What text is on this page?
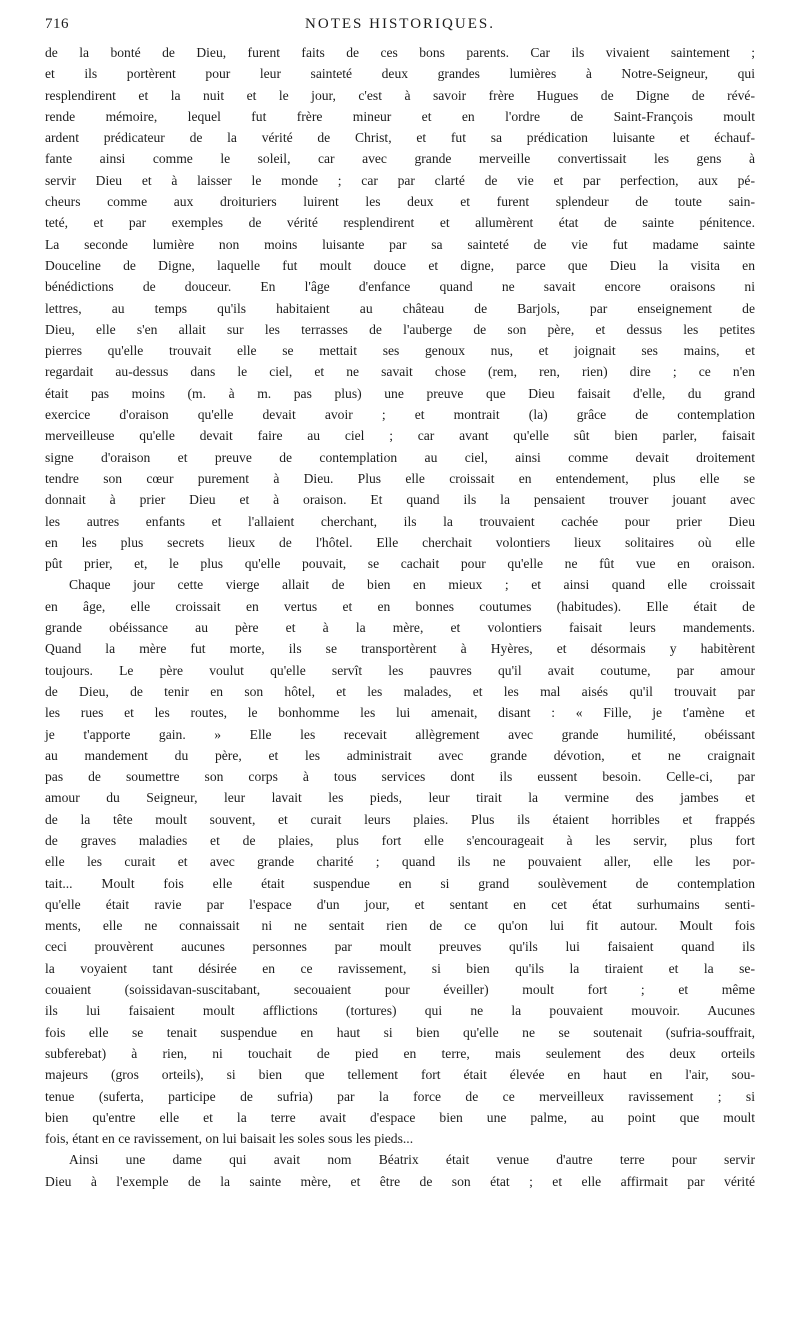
716	NOTES HISTORIQUES.
de la bonté de Dieu, furent faits de ces bons parents. Car ils vivaient saintement ;
et ils portèrent pour leur sainteté deux grandes lumières à Notre-Seigneur, qui
resplendirent et la nuit et le jour, c'est à savoir frère Hugues de Digne de révé-
rende mémoire, lequel fut frère mineur et en l'ordre de Saint-François moult
ardent prédicateur de la vérité de Christ, et fut sa prédication luisante et échauf-
fante ainsi comme le soleil, car avec grande merveille convertissait les gens à
servir Dieu et à laisser le monde ; car par clarté de vie et par perfection, aux pé-
cheurs comme aux droituriers luirent les deux et furent splendeur de toute sain-
teté, et par exemples de vérité resplendirent et allumèrent état de sainte pénitence.
La seconde lumière non moins luisante par sa sainteté de vie fut madame sainte
Douceline de Digne, laquelle fut moult douce et digne, parce que Dieu la visita en
bénédictions de douceur. En l'âge d'enfance quand ne savait encore oraisons ni
lettres, au temps qu'ils habitaient au château de Barjols, par enseignement de
Dieu, elle s'en allait sur les terrasses de l'auberge de son père, et dessus les petites
pierres qu'elle trouvait elle se mettait ses genoux nus, et joignait ses mains, et
regardait au-dessus dans le ciel, et ne savait chose (rem, ren, rien) dire ; ce n'en
était pas moins (m. à m. pas plus) une preuve que Dieu faisait d'elle, du grand
exercice d'oraison qu'elle devait avoir ; et montrait (la) grâce de contemplation
merveilleuse qu'elle devait faire au ciel ; car avant qu'elle sût bien parler, faisait
signe d'oraison et preuve de contemplation au ciel, ainsi comme devait droitement
tendre son cœur purement à Dieu. Plus elle croissait en entendement, plus elle se
donnait à prier Dieu et à oraison. Et quand ils la pensaient trouver jouant avec
les autres enfants et l'allaient cherchant, ils la trouvaient cachée pour prier Dieu
en les plus secrets lieux de l'hôtel. Elle cherchait volontiers lieux solitaires où elle
pût prier, et, le plus qu'elle pouvait, se cachait pour qu'elle ne fût vue en oraison.
Chaque jour cette vierge allait de bien en mieux ; et ainsi quand elle croissait
en âge, elle croissait en vertus et en bonnes coutumes (habitudes). Elle était de
grande obéissance au père et à la mère, et volontiers faisait leurs mandements.
Quand la mère fut morte, ils se transportèrent à Hyères, et désormais y habitèrent
toujours. Le père voulut qu'elle servît les pauvres qu'il avait coutume, par amour
de Dieu, de tenir en son hôtel, et les malades, et les mal aisés qu'il trouvait par
les rues et les routes, le bonhomme les lui amenait, disant : « Fille, je t'amène et
je t'apporte gain. » Elle les recevait allègrement avec grande humilité, obéissant
au mandement du père, et les administrait avec grande dévotion, et ne craignait
pas de soumettre son corps à tous services dont ils eussent besoin. Celle-ci, par
amour du Seigneur, leur lavait les pieds, leur tirait la vermine des jambes et
de la tête moult souvent, et curait leurs plaies. Plus ils étaient horribles et frappés
de graves maladies et de plaies, plus fort elle s'encourageait à les servir, plus fort
elle les curait et avec grande charité ; quand ils ne pouvaient aller, elle les por-
tait... Moult fois elle était suspendue en si grand soulèvement de contemplation
qu'elle était ravie par l'espace d'un jour, et sentant en cet état surhumains senti-
ments, elle ne connaissait ni ne sentait rien de ce qu'on lui fit autour. Moult fois
ceci prouvèrent aucunes personnes par moult preuves qu'ils lui faisaient quand ils
la voyaient tant désirée en ce ravissement, si bien qu'ils la tiraient et la se-
couaient (soissidavan-suscitabant, secouaient pour éveiller) moult fort ; et même
ils lui faisaient moult afflictions (tortures) qui ne la pouvaient mouvoir. Aucunes
fois elle se tenait suspendue en haut si bien qu'elle ne se soutenait (sufria-souffrait,
subferebat) à rien, ni touchait de pied en terre, mais seulement des deux orteils
majeurs (gros orteils), si bien que tellement fort était élevée en haut en l'air, sou-
tenue (suferta, participe de sufria) par la force de ce merveilleux ravissement ; si
bien qu'entre elle et la terre avait d'espace bien une palme, au point que moult
fois, étant en ce ravissement, on lui baisait les soles sous les pieds...
Ainsi une dame qui avait nom Béatrix était venue d'autre terre pour servir
Dieu à l'exemple de la sainte mère, et être de son état ; et elle affirmait par vérité
